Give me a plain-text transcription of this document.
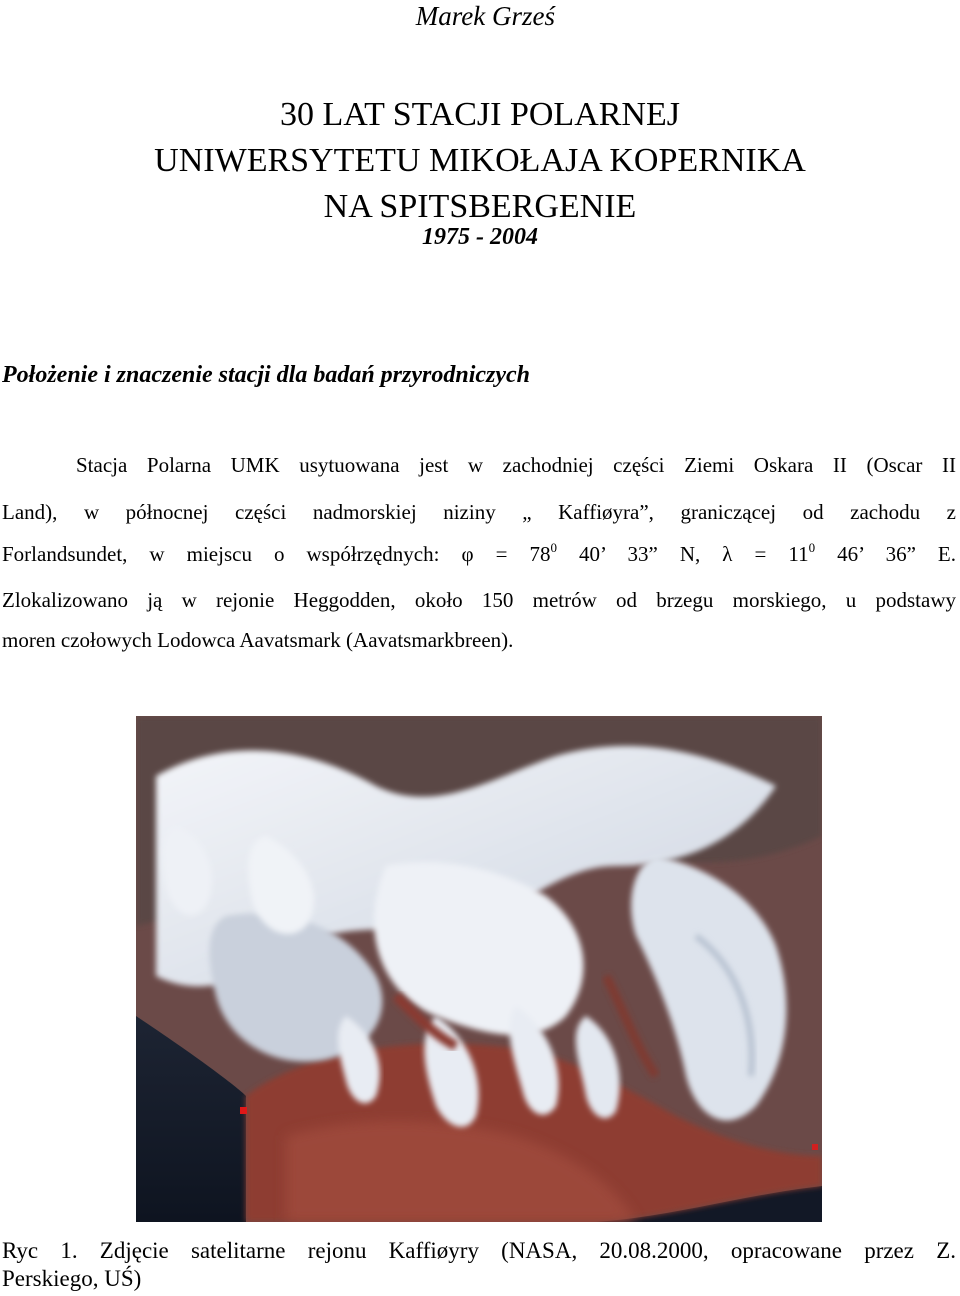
Marek Grześ
30 LAT STACJI POLARNEJ
UNIWERSYTETU MIKOŁAJA KOPERNIKA
NA SPITSBERGENIE
1975 - 2004
Położenie i znaczenie stacji dla badań przyrodniczych
Stacja Polarna UMK usytuowana jest w zachodniej części Ziemi Oskara II (Oscar II
Land), w północnej części nadmorskiej niziny „ Kaffiøyra”, graniczącej od zachodu z
Forlandsundet, w miejscu o współrzędnych: $\varphi = 78^0$ 40’ 33” N, $\lambda = 11^0$ 46’ 36” E.
Zlokalizowano ją w rejonie Heggodden, około 150 metrów od brzegu morskiego, u podstawy
moren czołowych Lodowca Aavatsmark (Aavatsmarkbreen).
Ryc 1. Zdjęcie satelitarne rejonu Kaffiøyry (NASA, 20.08.2000, opracowane przez Z.
Perskiego, UŚ)
